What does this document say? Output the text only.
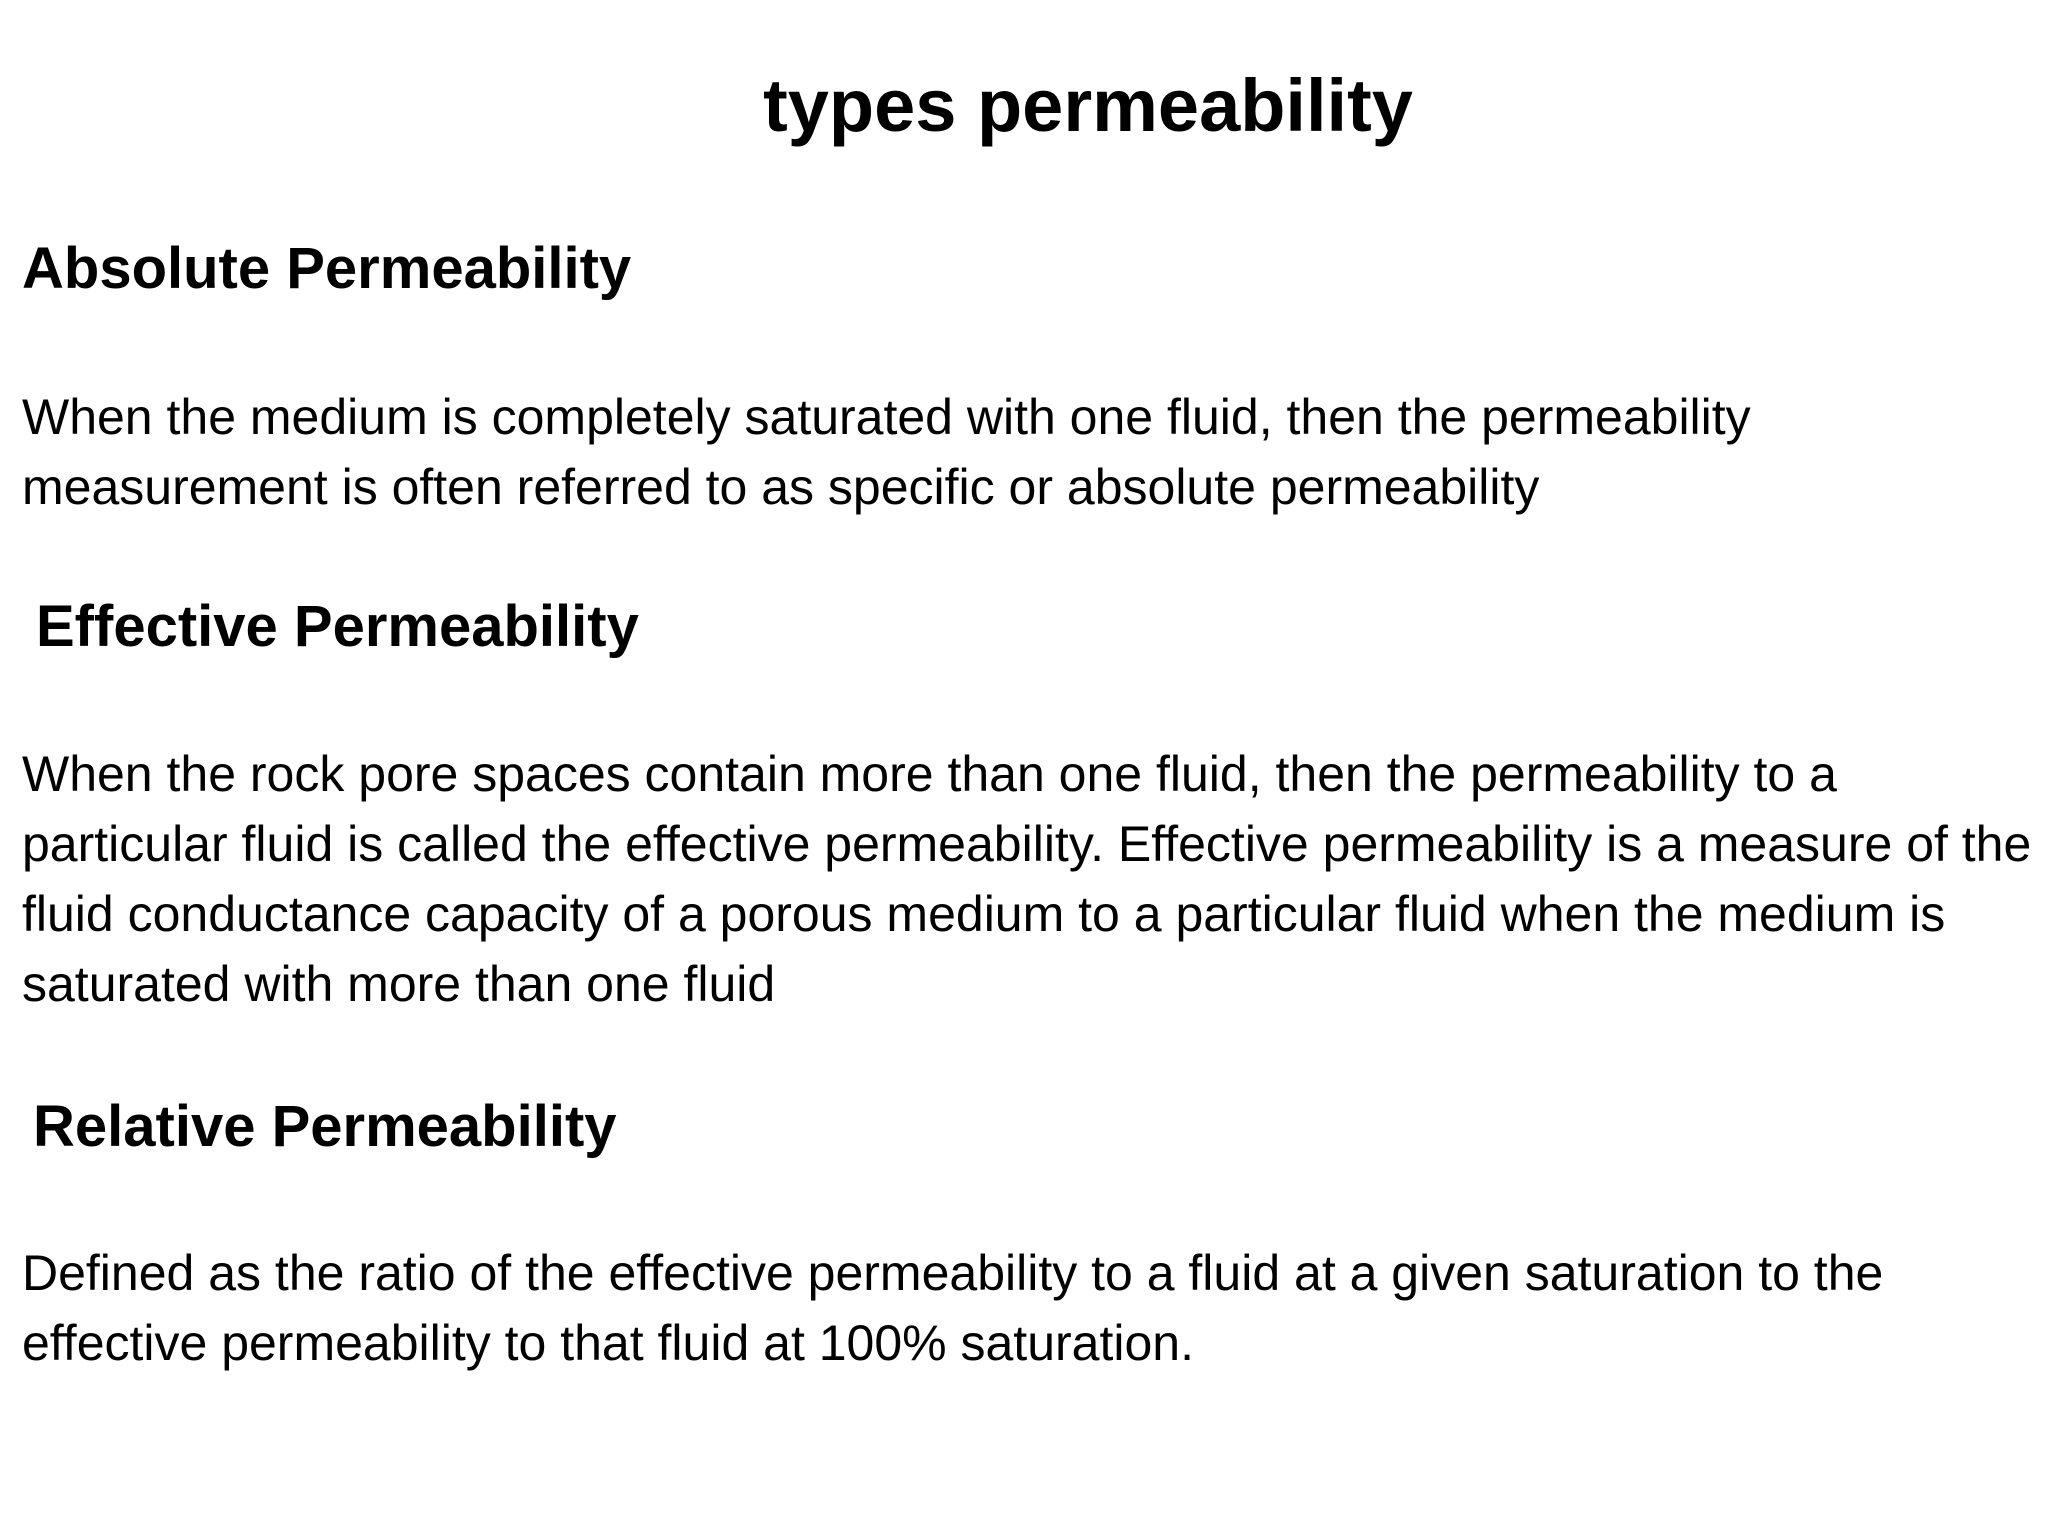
types permeability
Absolute Permeability

When the medium is completely saturated with one fluid, then the permeability measurement is often referred to as specific or absolute permeability

Effective Permeability

When the rock pore spaces contain more than one fluid, then the permeability to a particular fluid is called the effective permeability. Effective permeability is a measure of the fluid conductance capacity of a porous medium to a particular fluid when the medium is saturated with more than one fluid

Relative Permeability

Defined as the ratio of the effective permeability to a fluid at a given saturation to the effective permeability to that fluid at 100% saturation.
